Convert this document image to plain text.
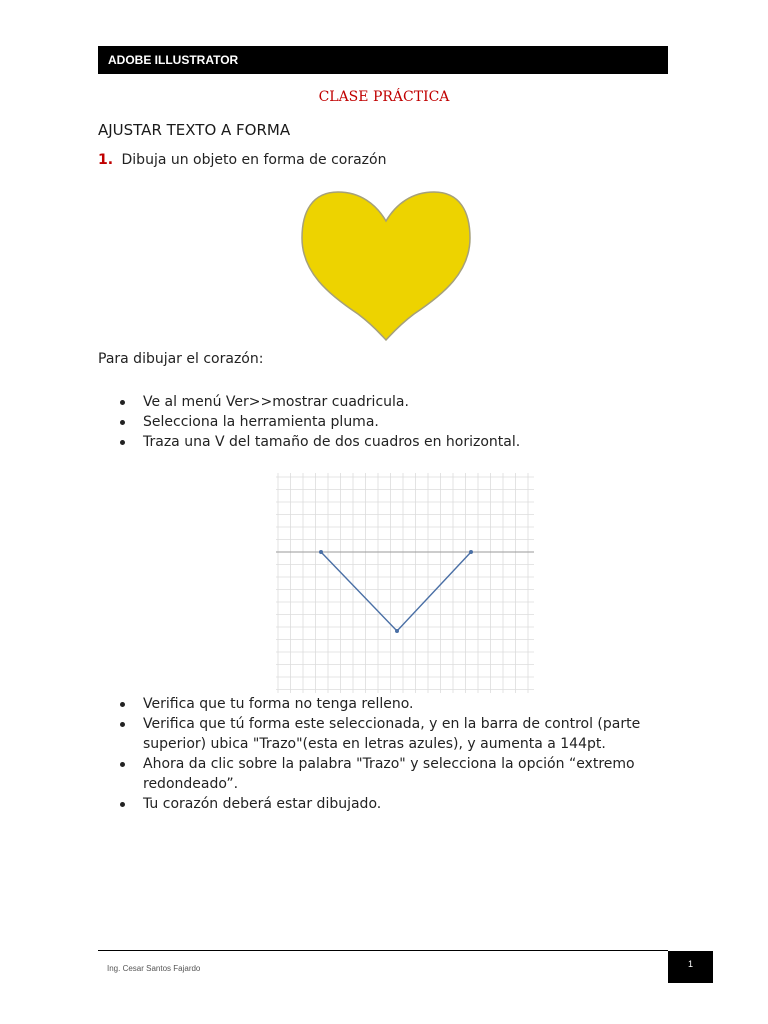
ADOBE ILLUSTRATOR
CLASE PRÁCTICA
AJUSTAR TEXTO A FORMA
1. Dibuja un objeto en forma de corazón
Para dibujar el corazón:
Ve al menú Ver>>mostrar cuadricula.
Selecciona la herramienta pluma.
Traza una V del tamaño de dos cuadros en horizontal.
Verifica que tu forma no tenga relleno.
Verifica que tú forma este seleccionada, y en la barra de control (parte superior) ubica "Trazo"(esta en letras azules), y aumenta a 144pt.
Ahora da clic sobre la palabra "Trazo" y selecciona la opción “extremo redondeado”.
Tu corazón deberá estar dibujado.
Ing. Cesar Santos Fajardo	1
